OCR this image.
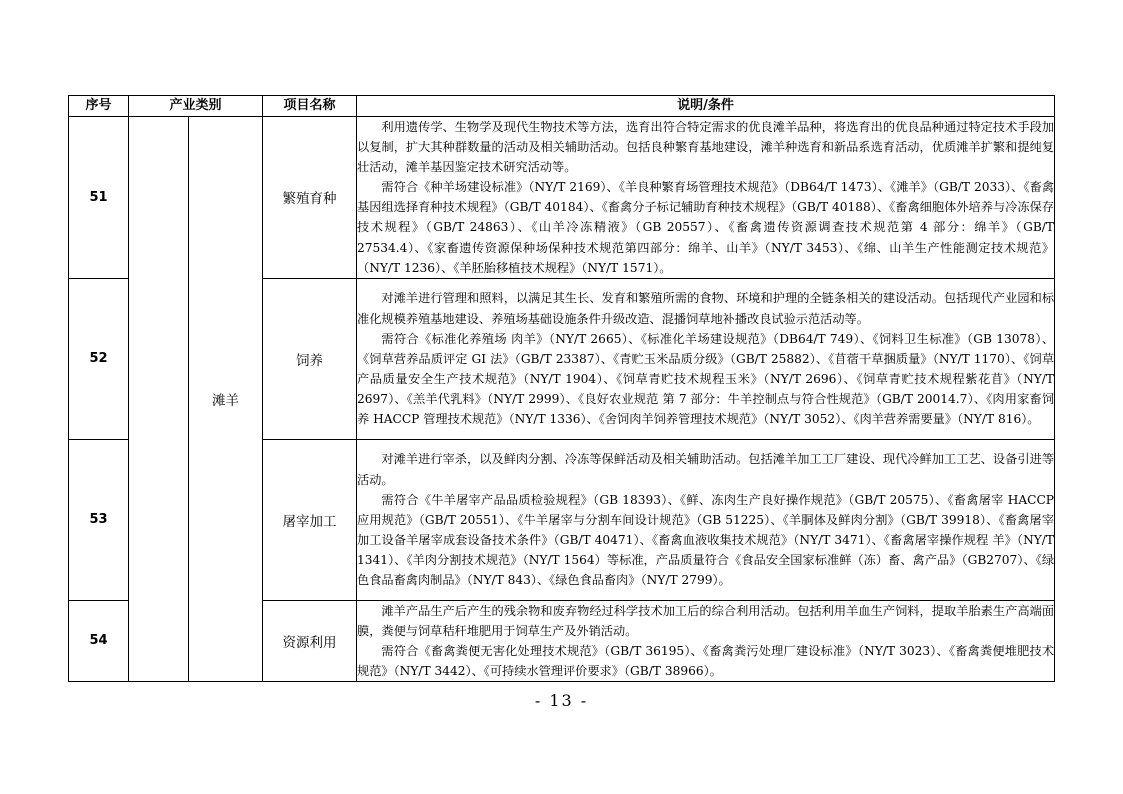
序号	产业类别		项目名称	说明/条件
51		滩羊	繁殖育种	利用遗传学、生物学及现代生物技术等方法，选育出符合特定需求的优良滩羊品种，将选育出的优良品种通过特定技术手段加以复制，扩大其种群数量的活动及相关辅助活动。包括良种繁育基地建设，滩羊种选育和新品系选育活动，优质滩羊扩繁和提纯复壮活动，滩羊基因鉴定技术研究活动等。

需符合《种羊场建设标准》（NY/T 2169）、《羊良种繁育场管理技术规范》（DB64/T 1473）、《滩羊》（GB/T 2033）、《畜禽基因组选择育种技术规程》（GB/T 40184）、《畜禽分子标记辅助育种技术规程》（GB/T 40188）、《畜禽细胞体外培养与冷冻保存技术规程》（GB/T 24863）、《山羊冷冻精液》（GB 20557）、《畜禽遗传资源调查技术规范第 4 部分：绵羊》（GB/T 27534.4）、《家畜遗传资源保种场保种技术规范第四部分：绵羊、山羊》（NY/T 3453）、《绵、山羊生产性能测定技术规范》（NY/T 1236）、《羊胚胎移植技术规程》（NY/T 1571）。

52			饲养	对滩羊进行管理和照料，以满足其生长、发育和繁殖所需的食物、环境和护理的全链条相关的建设活动。包括现代产业园和标准化规模养殖基地建设、养殖场基础设施条件升级改造、混播饲草地补播改良试验示范活动等。

需符合《标准化养殖场 肉羊》（NY/T 2665）、《标准化羊场建设规范》（DB64/T 749）、《饲料卫生标准》（GB 13078）、《饲草营养品质评定 GI 法》（GB/T 23387）、《青贮玉米品质分级》（GB/T 25882）、《苜蓿干草捆质量》（NY/T 1170）、《饲草产品质量安全生产技术规范》（NY/T 1904）、《饲草青贮技术规程玉米》（NY/T 2696）、《饲草青贮技术规程紫花苜》（NY/T 2697）、《羔羊代乳料》（NY/T 2999）、《良好农业规范 第 7 部分：牛羊控制点与符合性规范》（GB/T 20014.7）、《肉用家畜饲养 HACCP 管理技术规范》（NY/T 1336）、《舍饲肉羊饲养管理技术规范》（NY/T 3052）、《肉羊营养需要量》（NY/T 816）。

53			屠宰加工	对滩羊进行宰杀，以及鲜肉分割、冷冻等保鲜活动及相关辅助活动。包括滩羊加工工厂建设、现代冷鲜加工工艺、设备引进等活动。

需符合《牛羊屠宰产品品质检验规程》（GB 18393）、《鲜、冻肉生产良好操作规范》（GB/T 20575）、《畜禽屠宰 HACCP 应用规范》（GB/T 20551）、《牛羊屠宰与分割车间设计规范》（GB 51225）、《羊胴体及鲜肉分割》（GB/T 39918）、《畜禽屠宰加工设备羊屠宰成套设备技术条件》（GB/T 40471）、《畜禽血液收集技术规范》（NY/T 3471）、《畜禽屠宰操作规程 羊》（NY/T 1341）、《羊肉分割技术规范》（NY/T 1564）等标准，产品质量符合《食品安全国家标准鲜（冻）畜、禽产品》（GB2707）、《绿色食品畜禽肉制品》（NY/T 843）、《绿色食品畜肉》（NY/T 2799）。

54			资源利用	滩羊产品生产后产生的残余物和废弃物经过科学技术加工后的综合利用活动。包括利用羊血生产饲料，提取羊胎素生产高端面膜，粪便与饲草秸秆堆肥用于饲草生产及外销活动。

需符合《畜禽粪便无害化处理技术规范》（GB/T 36195）、《畜禽粪污处理厂建设标准》（NY/T 3023）、《畜禽粪便堆肥技术规范》（NY/T 3442）、《可持续水管理评价要求》（GB/T 38966）。

- 13 -
